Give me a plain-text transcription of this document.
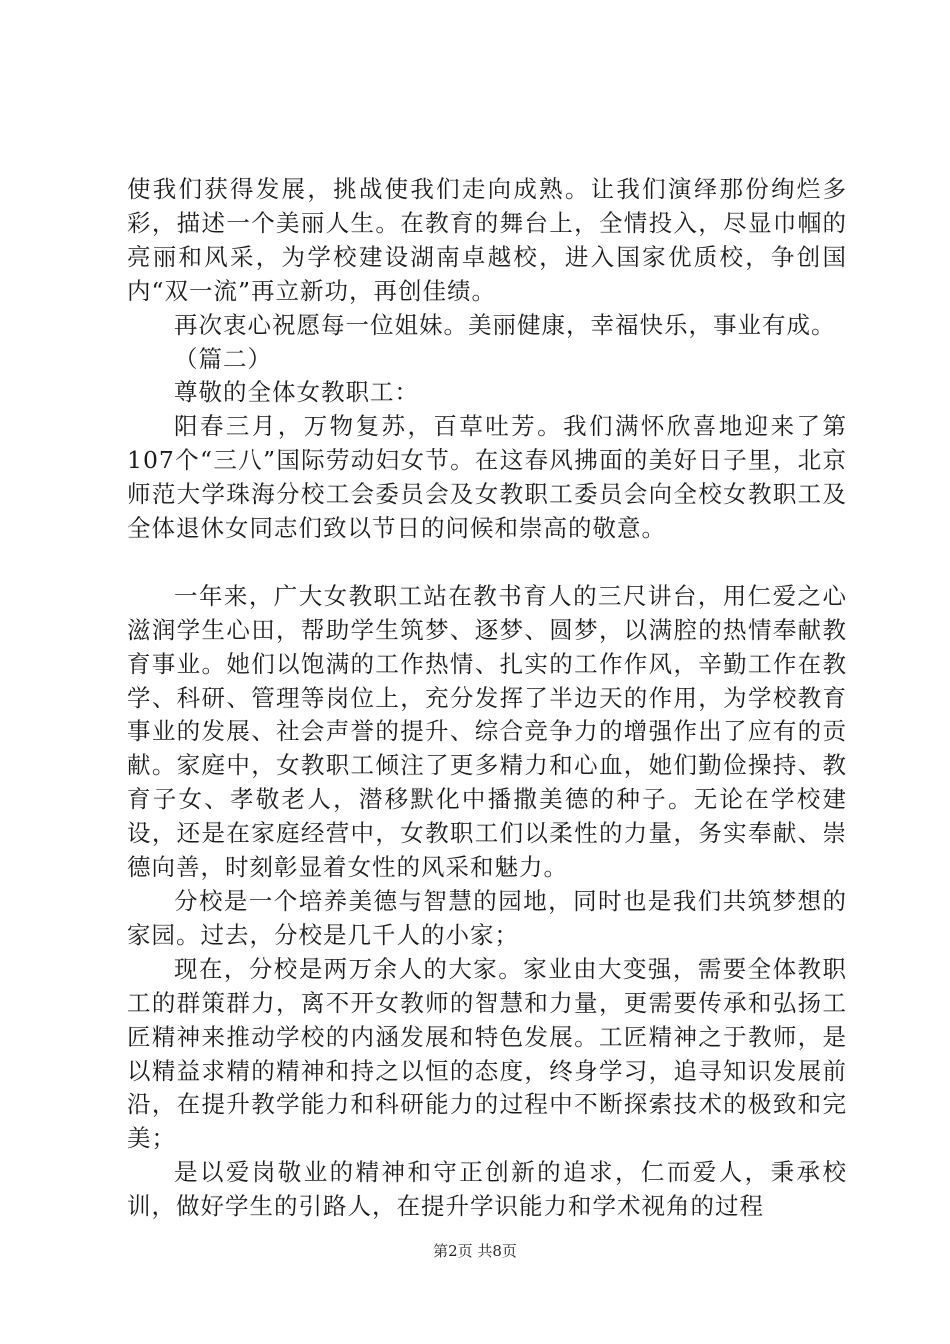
使我们获得发展，挑战使我们走向成熟。让我们演绎那份绚烂多彩，描述一个美丽人生。在教育的舞台上，全情投入，尽显巾帼的亮丽和风采，为学校建设湖南卓越校，进入国家优质校，争创国内“双一流”再立新功，再创佳绩。

再次衷心祝愿每一位姐妹。美丽健康，幸福快乐，事业有成。

（篇二）

尊敬的全体女教职工：

阳春三月，万物复苏，百草吐芳。我们满怀欣喜地迎来了第107个“三八”国际劳动妇女节。在这春风拂面的美好日子里，北京师范大学珠海分校工会委员会及女教职工委员会向全校女教职工及全体退休女同志们致以节日的问候和崇高的敬意。

一年来，广大女教职工站在教书育人的三尺讲台，用仁爱之心滋润学生心田，帮助学生筑梦、逐梦、圆梦，以满腔的热情奉献教育事业。她们以饱满的工作热情、扎实的工作作风，辛勤工作在教学、科研、管理等岗位上，充分发挥了半边天的作用，为学校教育事业的发展、社会声誉的提升、综合竞争力的增强作出了应有的贡献。家庭中，女教职工倾注了更多精力和心血，她们勤俭操持、教育子女、孝敬老人，潜移默化中播撒美德的种子。无论在学校建设，还是在家庭经营中，女教职工们以柔性的力量，务实奉献、崇德向善，时刻彰显着女性的风采和魅力。

分校是一个培养美德与智慧的园地，同时也是我们共筑梦想的家园。过去，分校是几千人的小家；

现在，分校是两万余人的大家。家业由大变强，需要全体教职工的群策群力，离不开女教师的智慧和力量，更需要传承和弘扬工匠精神来推动学校的内涵发展和特色发展。工匠精神之于教师，是以精益求精的精神和持之以恒的态度，终身学习，追寻知识发展前沿，在提升教学能力和科研能力的过程中不断探索技术的极致和完美；

是以爱岗敬业的精神和守正创新的追求，仁而爱人，秉承校训，做好学生的引路人，在提升学识能力和学术视角的过程

第2页 共8页
